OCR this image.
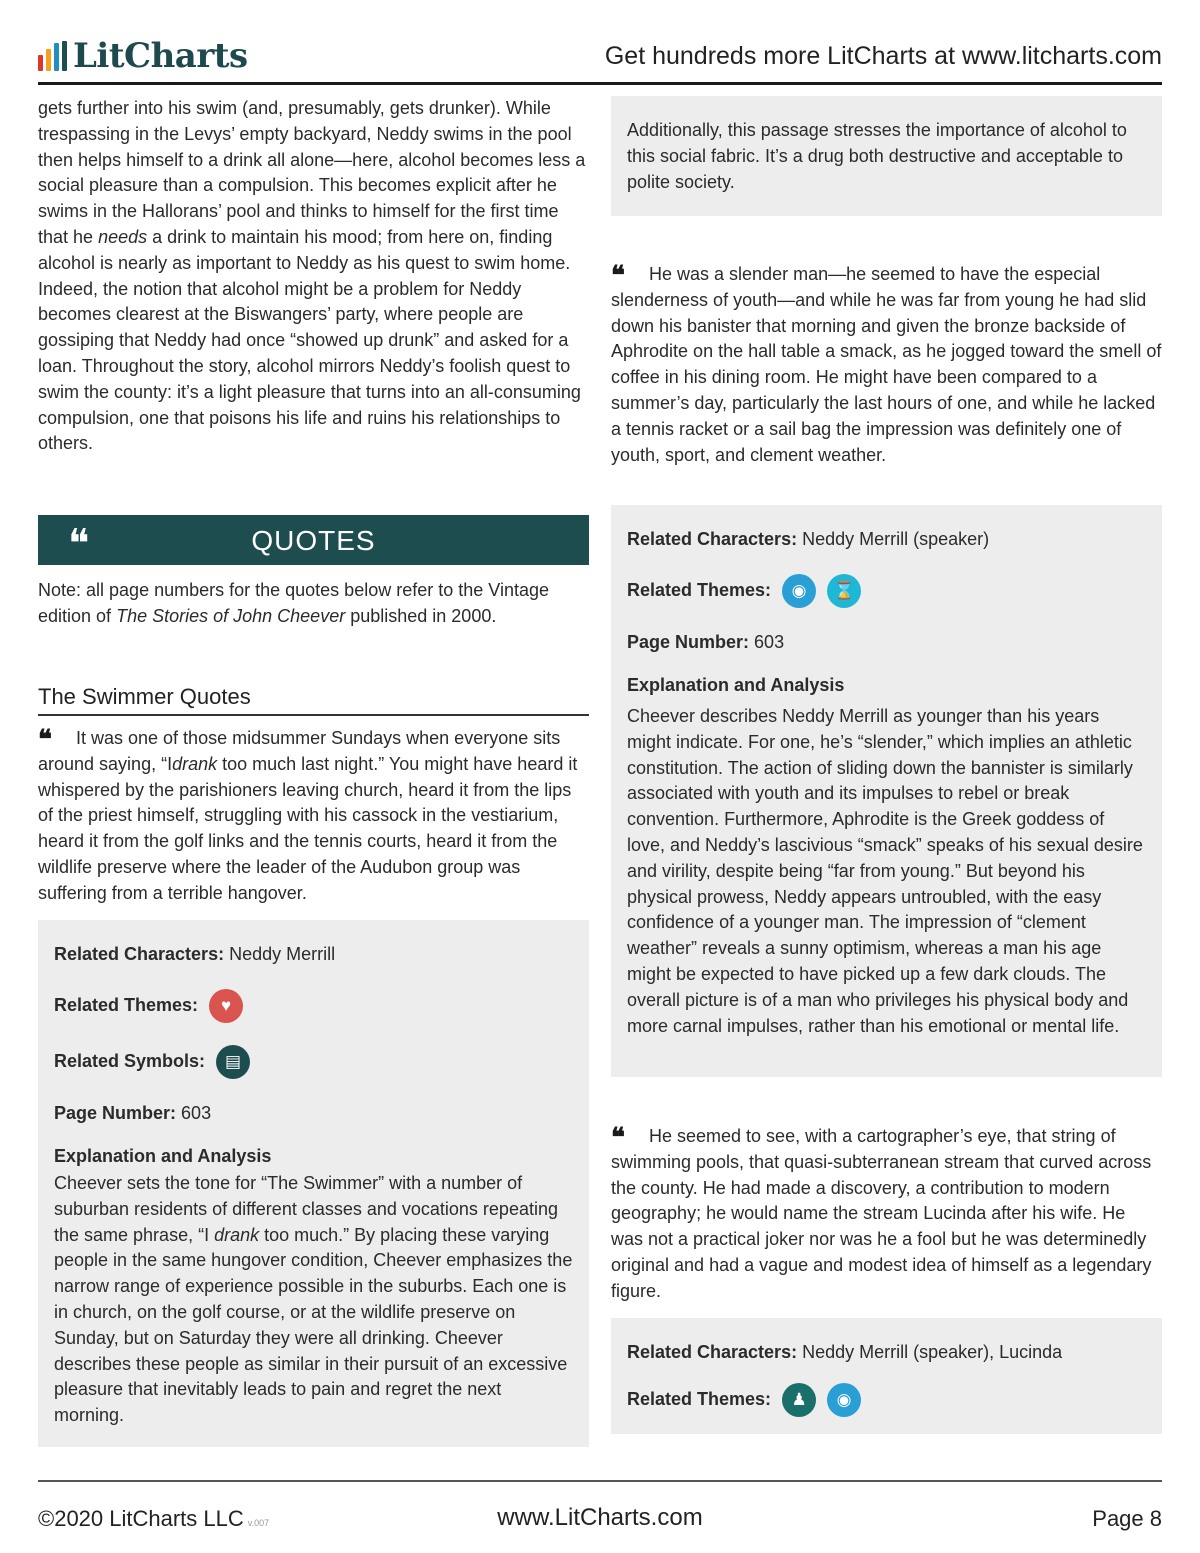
LitCharts	Get hundreds more LitCharts at www.litcharts.com

gets further into his swim (and, presumably, gets drunker). While trespassing in the Levys’ empty backyard, Neddy swims in the pool then helps himself to a drink all alone—here, alcohol becomes less a social pleasure than a compulsion. This becomes explicit after he swims in the Hallorans’ pool and thinks to himself for the first time that he needs a drink to maintain his mood; from here on, finding alcohol is nearly as important to Neddy as his quest to swim home. Indeed, the notion that alcohol might be a problem for Neddy becomes clearest at the Biswangers’ party, where people are gossiping that Neddy had once “showed up drunk” and asked for a loan. Throughout the story, alcohol mirrors Neddy’s foolish quest to swim the county: it’s a light pleasure that turns into an all-consuming compulsion, one that poisons his life and ruins his relationships to others.

❝	QUOTES
Note: all page numbers for the quotes below refer to the Vintage edition of The Stories of John Cheever published in 2000.
The Swimmer Quotes
❝ It was one of those midsummer Sundays when everyone sits around saying, “Idrank too much last night.” You might have heard it whispered by the parishioners leaving church, heard it from the lips of the priest himself, struggling with his cassock in the vestiarium, heard it from the golf links and the tennis courts, heard it from the wildlife preserve where the leader of the Audubon group was suffering from a terrible hangover.

Related Characters: Neddy Merrill

Related Themes: ♥

Related Symbols: ▤

Page Number: 603

Explanation and Analysis

Cheever sets the tone for “The Swimmer” with a number of suburban residents of different classes and vocations repeating the same phrase, “I drank too much.” By placing these varying people in the same hungover condition, Cheever emphasizes the narrow range of experience possible in the suburbs. Each one is in church, on the golf course, or at the wildlife preserve on Sunday, but on Saturday they were all drinking. Cheever describes these people as similar in their pursuit of an excessive pleasure that inevitably leads to pain and regret the next morning.

Additionally, this passage stresses the importance of alcohol to this social fabric. It’s a drug both destructive and acceptable to polite society.

❝ He was a slender man—he seemed to have the especial slenderness of youth—and while he was far from young he had slid down his banister that morning and given the bronze backside of Aphrodite on the hall table a smack, as he jogged toward the smell of coffee in his dining room. He might have been compared to a summer’s day, particularly the last hours of one, and while he lacked a tennis racket or a sail bag the impression was definitely one of youth, sport, and clement weather.

Related Characters: Neddy Merrill (speaker)

Related Themes: ◉ ⌛

Page Number: 603

Explanation and Analysis

Cheever describes Neddy Merrill as younger than his years might indicate. For one, he’s “slender,” which implies an athletic constitution. The action of sliding down the bannister is similarly associated with youth and its impulses to rebel or break convention. Furthermore, Aphrodite is the Greek goddess of love, and Neddy’s lascivious “smack” speaks of his sexual desire and virility, despite being “far from young.” But beyond his physical prowess, Neddy appears untroubled, with the easy confidence of a younger man. The impression of “clement weather” reveals a sunny optimism, whereas a man his age might be expected to have picked up a few dark clouds. The overall picture is of a man who privileges his physical body and more carnal impulses, rather than his emotional or mental life.

❝ He seemed to see, with a cartographer’s eye, that string of swimming pools, that quasi-subterranean stream that curved across the county. He had made a discovery, a contribution to modern geography; he would name the stream Lucinda after his wife. He was not a practical joker nor was he a fool but he was determinedly original and had a vague and modest idea of himself as a legendary figure.

Related Characters: Neddy Merrill (speaker), Lucinda

Related Themes: ♟ ◉

©2020 LitCharts LLC v.007	www.LitCharts.com	Page 8
